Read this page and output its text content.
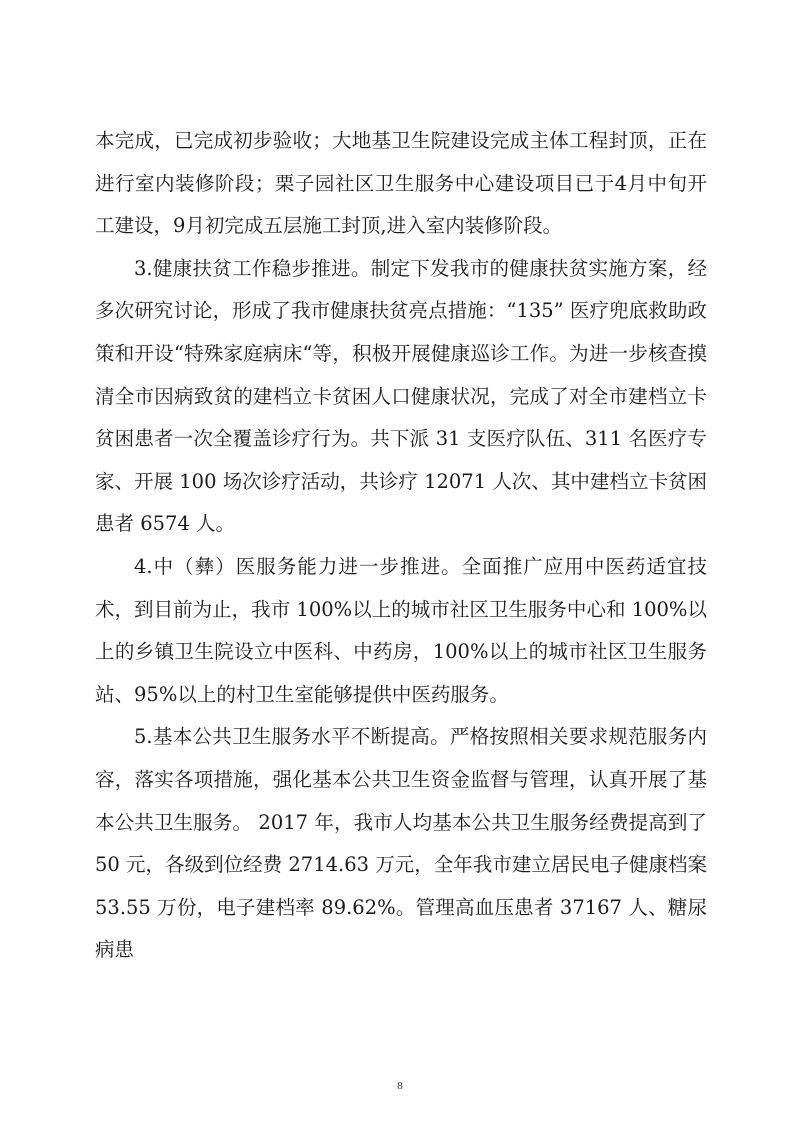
本完成，已完成初步验收；大地基卫生院建设完成主体工程封顶，正在进行室内装修阶段；栗子园社区卫生服务中心建设项目已于4月中旬开工建设，9月初完成五层施工封顶,进入室内装修阶段。

3.健康扶贫工作稳步推进。制定下发我市的健康扶贫实施方案，经多次研究讨论，形成了我市健康扶贫亮点措施：“135” 医疗兜底救助政策和开设“特殊家庭病床“等，积极开展健康巡诊工作。为进一步核查摸清全市因病致贫的建档立卡贫困人口健康状况，完成了对全市建档立卡贫困患者一次全覆盖诊疗行为。共下派 31 支医疗队伍、311 名医疗专家、开展 100 场次诊疗活动，共诊疗 12071 人次、其中建档立卡贫困患者 6574 人。

4.中（彝）医服务能力进一步推进。全面推广应用中医药适宜技术，到目前为止，我市 100%以上的城市社区卫生服务中心和 100%以上的乡镇卫生院设立中医科、中药房，100%以上的城市社区卫生服务站、95%以上的村卫生室能够提供中医药服务。

5.基本公共卫生服务水平不断提高。严格按照相关要求规范服务内容，落实各项措施，强化基本公共卫生资金监督与管理，认真开展了基本公共卫生服务。 2017 年，我市人均基本公共卫生服务经费提高到了 50 元，各级到位经费 2714.63 万元，全年我市建立居民电子健康档案 53.55 万份，电子建档率 89.62%。管理高血压患者 37167 人、糖尿病患

8
